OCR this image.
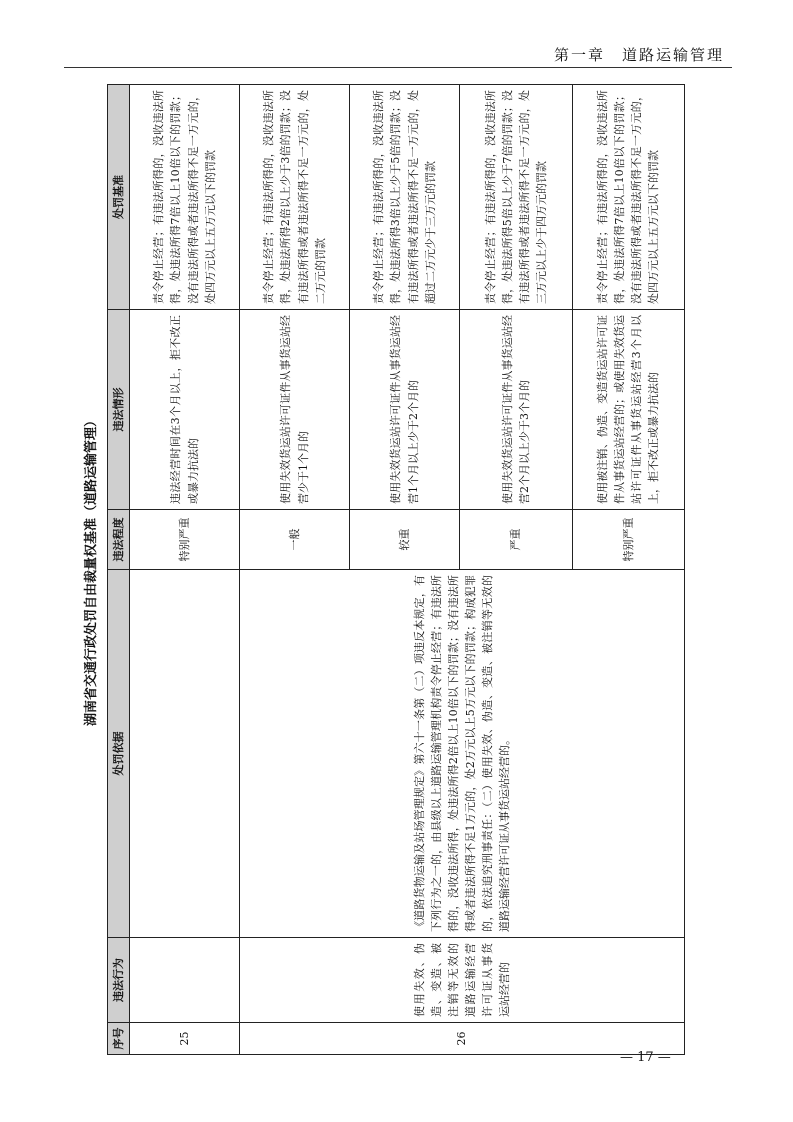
第一章　道路运输管理
湖南省交通行政处罚自由裁量权基准（道路运输管理）
序号	违法行为	处罚依据	违法程度	违法情形	处罚基准
25			特别严重	违法经营时间在3个月以上，拒不改正或暴力抗法的	责令停止经营；有违法所得的，没收违法所得，处违法所得7倍以上10倍以下的罚款；没有违法所得或者违法所得不足一万元的，处四万元以上五万元以下的罚款
26	使用失效、伪造、变造、被注销等无效的道路运输经营许可证从事货运站经营的	《道路货物运输及站场管理规定》第六十一条第（二）项违反本规定，有下列行为之一的，由县级以上道路运输管理机构责令停止经营；有违法所得的，没收违法所得，处违法所得2倍以上10倍以下的罚款；没有违法所得或者违法所得不足1万元的，处2万元以上5万元以下的罚款；构成犯罪的，依法追究刑事责任：（二）使用失效、伪造、变造、被注销等无效的道路运输经营许可证从事货运站经营的。	一般	使用失效货运站许可证件从事货运站经营少于1个月的	责令停止经营；有违法所得的，没收违法所得，处违法所得2倍以上少于3倍的罚款；没有违法所得或者违法所得不足一万元的，处二万元的罚款
			较重	使用失效货运站许可证件从事货运站经营1个月以上少于2个月的	责令停止经营；有违法所得的，没收违法所得，处违法所得3倍以上少于5倍的罚款；没有违法所得或者违法所得不足一万元的，处超过二万元少于三万元的罚款
			严重	使用失效货运站许可证件从事货运站经营2个月以上少于3个月的	责令停止经营；有违法所得的，没收违法所得，处违法所得5倍以上少于7倍的罚款；没有违法所得或者违法所得不足一万元的，处三万元以上少于四万元的罚款
			特别严重	使用被注销、伪造、变造货运站许可证件从事货运站经营的；或使用失效货运站许可证件从事货运站经营3个月以上，拒不改正或暴力抗法的	责令停止经营；有违法所得的，没收违法所得，处违法所得7倍以上10倍以下的罚款；没有违法所得或者违法所得不足一万元的，处四万元以上五万元以下的罚款
— 17 —
